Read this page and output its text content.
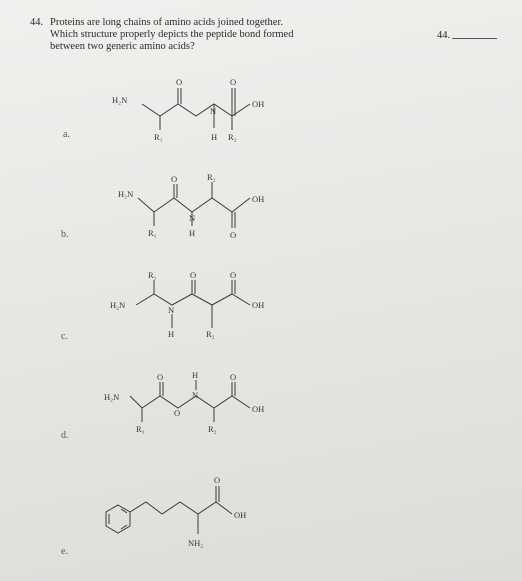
44. Proteins are long chains of amino acids joined together.
Which structure properly depicts the peptide bond formed
between two generic amino acids?
44.
a.
b.
c.
d.
e.
H₂N
O	O
N
H
OH
R₁	R₂
H₂N
O	R₂
N
H
OH
R₁	O
H₂N
R₁	O	O
N
H
OH
R₂
H₂N
O	O
O
N
H
OH
R₁	R₂
O
OH
NH₂
